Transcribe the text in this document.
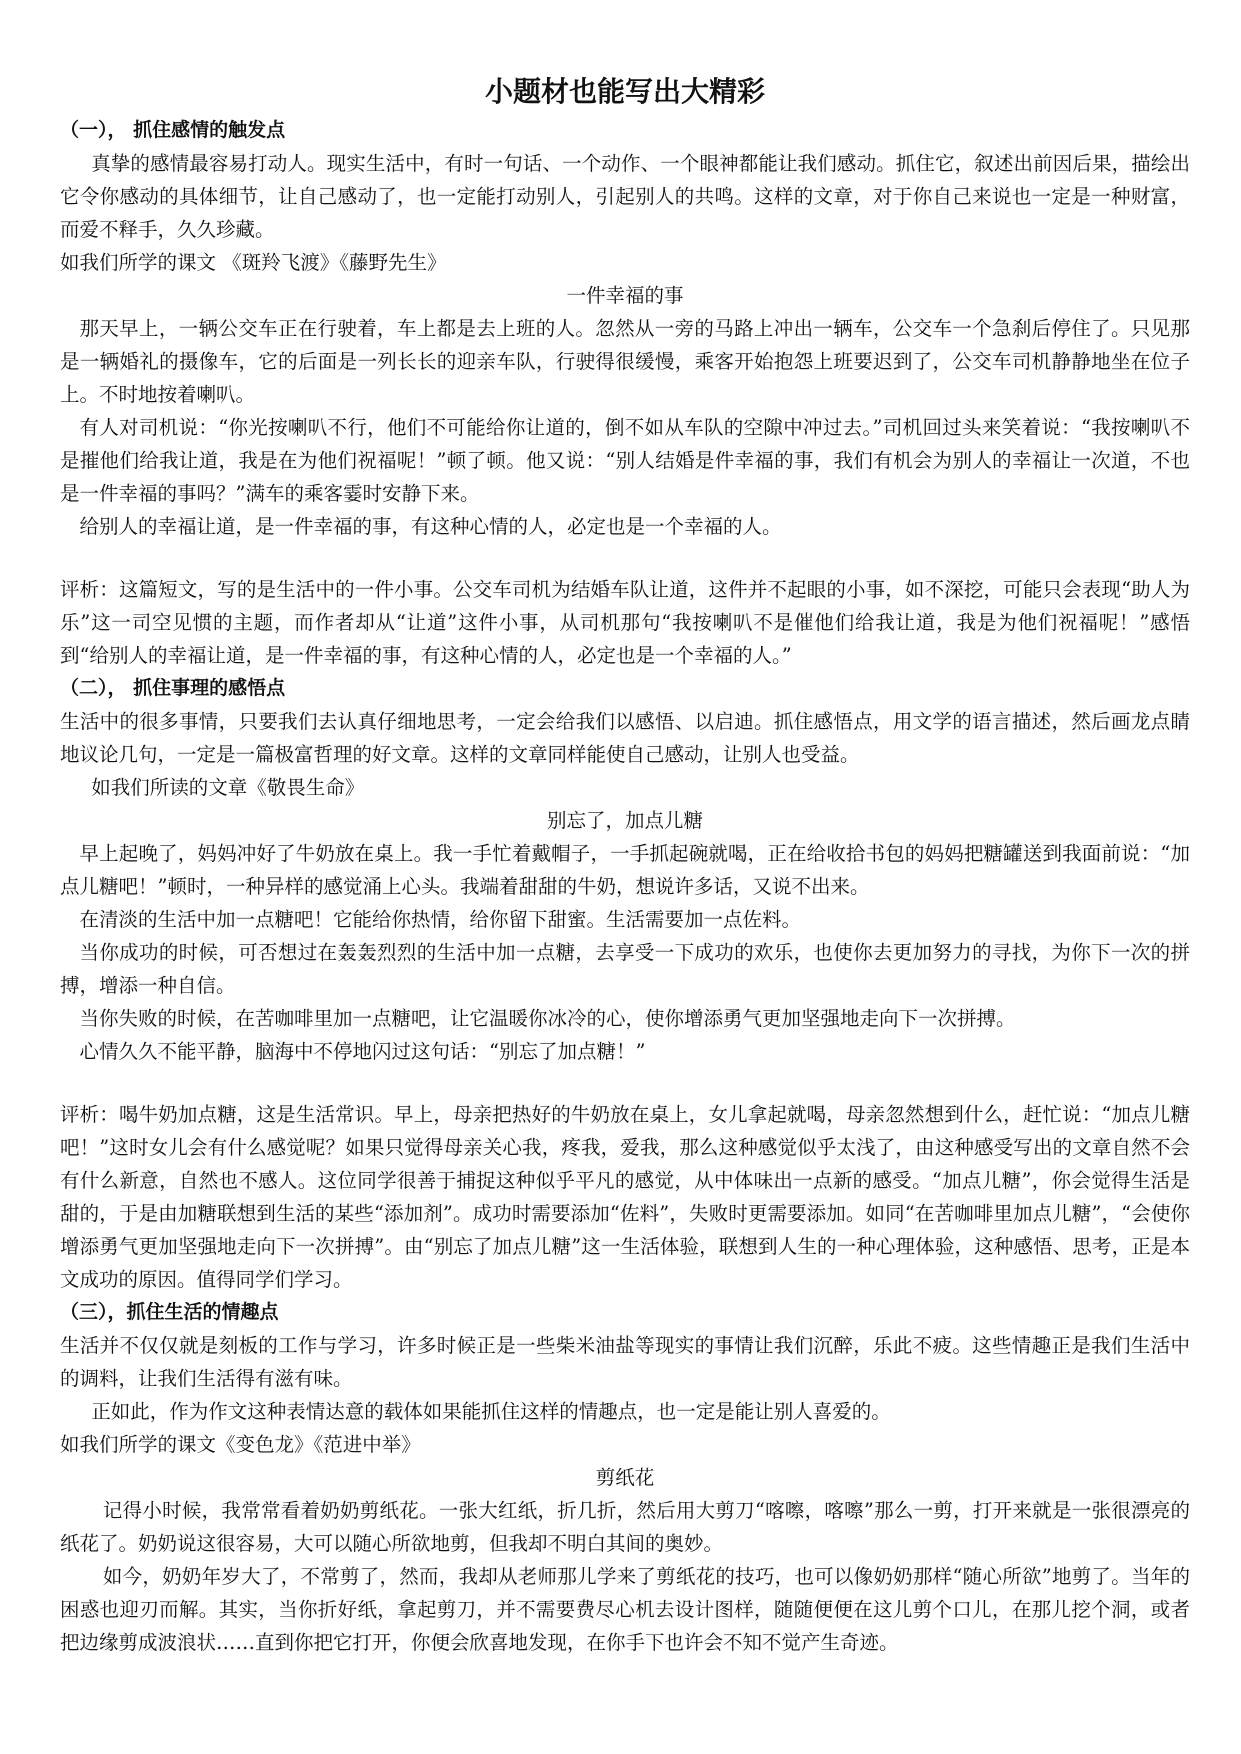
小题材也能写出大精彩

（一）， 抓住感情的触发点

真挚的感情最容易打动人。现实生活中，有时一句话、一个动作、一个眼神都能让我们感动。抓住它，叙述出前因后果，描绘出它令你感动的具体细节，让自己感动了，也一定能打动别人，引起别人的共鸣。这样的文章，对于你自己来说也一定是一种财富，而爱不释手，久久珍藏。

如我们所学的课文 《斑羚飞渡》《藤野先生》

一件幸福的事

那天早上，一辆公交车正在行驶着，车上都是去上班的人。忽然从一旁的马路上冲出一辆车，公交车一个急刹后停住了。只见那是一辆婚礼的摄像车，它的后面是一列长长的迎亲车队，行驶得很缓慢，乘客开始抱怨上班要迟到了，公交车司机静静地坐在位子上。不时地按着喇叭。

有人对司机说：“你光按喇叭不行，他们不可能给你让道的，倒不如从车队的空隙中冲过去。”司机回过头来笑着说：“我按喇叭不是摧他们给我让道，我是在为他们祝福呢！”顿了顿。他又说：“别人结婚是件幸福的事，我们有机会为别人的幸福让一次道，不也是一件幸福的事吗？”满车的乘客霎时安静下来。

给别人的幸福让道，是一件幸福的事，有这种心情的人，必定也是一个幸福的人。

评析：这篇短文，写的是生活中的一件小事。公交车司机为结婚车队让道，这件并不起眼的小事，如不深挖，可能只会表现“助人为乐”这一司空见惯的主题，而作者却从“让道”这件小事，从司机那句“我按喇叭不是催他们给我让道，我是为他们祝福呢！”感悟到“给别人的幸福让道，是一件幸福的事，有这种心情的人，必定也是一个幸福的人。”

（二）， 抓住事理的感悟点

生活中的很多事情，只要我们去认真仔细地思考，一定会给我们以感悟、以启迪。抓住感悟点，用文学的语言描述，然后画龙点睛地议论几句，一定是一篇极富哲理的好文章。这样的文章同样能使自己感动，让别人也受益。

如我们所读的文章《敬畏生命》

别忘了，加点儿糖

早上起晚了，妈妈冲好了牛奶放在桌上。我一手忙着戴帽子，一手抓起碗就喝，正在给收拾书包的妈妈把糖罐送到我面前说：“加点儿糖吧！”顿时，一种异样的感觉涌上心头。我端着甜甜的牛奶，想说许多话，又说不出来。

在清淡的生活中加一点糖吧！它能给你热情，给你留下甜蜜。生活需要加一点佐料。

当你成功的时候，可否想过在轰轰烈烈的生活中加一点糖，去享受一下成功的欢乐，也使你去更加努力的寻找，为你下一次的拼搏，增添一种自信。

当你失败的时候，在苦咖啡里加一点糖吧，让它温暖你冰冷的心，使你增添勇气更加坚强地走向下一次拼搏。

心情久久不能平静，脑海中不停地闪过这句话：“别忘了加点糖！”

评析：喝牛奶加点糖，这是生活常识。早上，母亲把热好的牛奶放在桌上，女儿拿起就喝，母亲忽然想到什么，赶忙说：“加点儿糖吧！”这时女儿会有什么感觉呢？如果只觉得母亲关心我，疼我，爱我，那么这种感觉似乎太浅了，由这种感受写出的文章自然不会有什么新意，自然也不感人。这位同学很善于捕捉这种似乎平凡的感觉，从中体味出一点新的感受。“加点儿糖”，你会觉得生活是甜的，于是由加糖联想到生活的某些“添加剂”。成功时需要添加“佐料”，失败时更需要添加。如同“在苦咖啡里加点儿糖”，“会使你增添勇气更加坚强地走向下一次拼搏”。由“别忘了加点儿糖”这一生活体验，联想到人生的一种心理体验，这种感悟、思考，正是本文成功的原因。值得同学们学习。

（三），抓住生活的情趣点

生活并不仅仅就是刻板的工作与学习，许多时候正是一些柴米油盐等现实的事情让我们沉醉，乐此不疲。这些情趣正是我们生活中的调料，让我们生活得有滋有味。

正如此，作为作文这种表情达意的载体如果能抓住这样的情趣点，也一定是能让别人喜爱的。

如我们所学的课文《变色龙》《范进中举》

剪纸花

记得小时候，我常常看着奶奶剪纸花。一张大红纸，折几折，然后用大剪刀“喀嚓，喀嚓”那么一剪，打开来就是一张很漂亮的纸花了。奶奶说这很容易，大可以随心所欲地剪，但我却不明白其间的奥妙。

如今，奶奶年岁大了，不常剪了，然而，我却从老师那儿学来了剪纸花的技巧，也可以像奶奶那样“随心所欲”地剪了。当年的困惑也迎刃而解。其实，当你折好纸，拿起剪刀，并不需要费尽心机去设计图样，随随便便在这儿剪个口儿，在那儿挖个洞，或者把边缘剪成波浪状……直到你把它打开，你便会欣喜地发现，在你手下也许会不知不觉产生奇迹。
